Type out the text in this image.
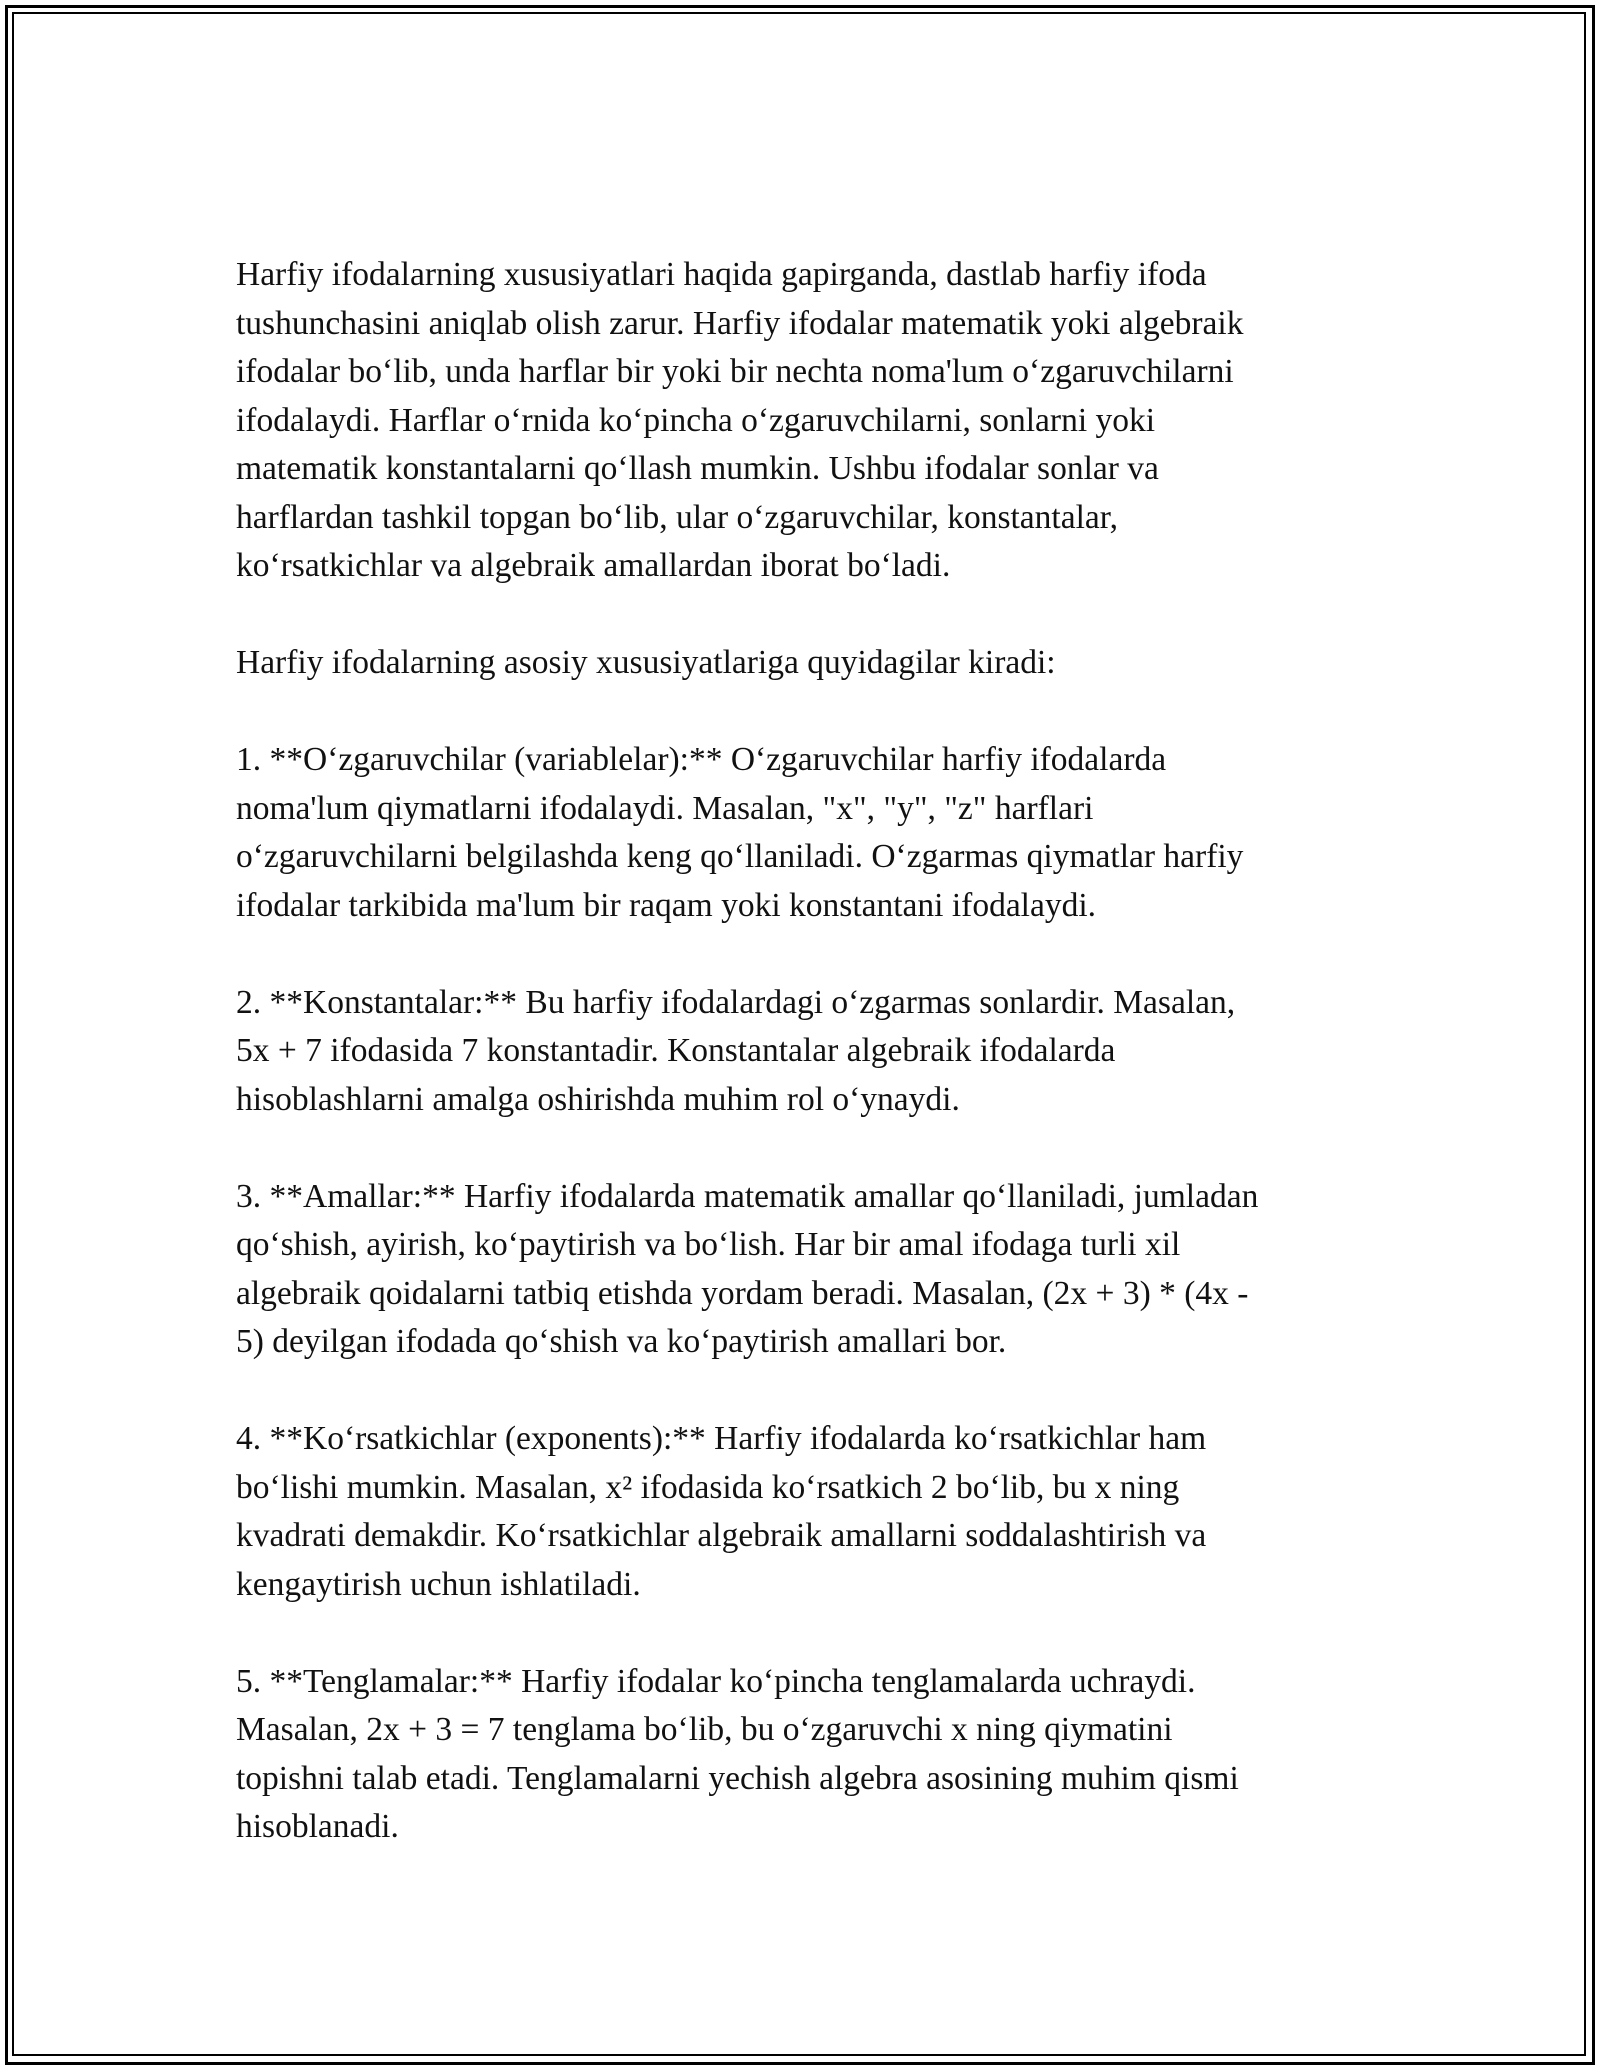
Harfiy ifodalarning xususiyatlari haqida gapirganda, dastlab harfiy ifoda
tushunchasini aniqlab olish zarur. Harfiy ifodalar matematik yoki algebraik
ifodalar bo‘lib, unda harflar bir yoki bir nechta noma'lum o‘zgaruvchilarni
ifodalaydi. Harflar o‘rnida ko‘pincha o‘zgaruvchilarni, sonlarni yoki
matematik konstantalarni qo‘llash mumkin. Ushbu ifodalar sonlar va
harflardan tashkil topgan bo‘lib, ular o‘zgaruvchilar, konstantalar,
ko‘rsatkichlar va algebraik amallardan iborat bo‘ladi.

Harfiy ifodalarning asosiy xususiyatlariga quyidagilar kiradi:

1. **O‘zgaruvchilar (variablelar):** O‘zgaruvchilar harfiy ifodalarda
noma'lum qiymatlarni ifodalaydi. Masalan, "x", "y", "z" harflari
o‘zgaruvchilarni belgilashda keng qo‘llaniladi. O‘zgarmas qiymatlar harfiy
ifodalar tarkibida ma'lum bir raqam yoki konstantani ifodalaydi.

2. **Konstantalar:** Bu harfiy ifodalardagi o‘zgarmas sonlardir. Masalan,
5x + 7 ifodasida 7 konstantadir. Konstantalar algebraik ifodalarda
hisoblashlarni amalga oshirishda muhim rol o‘ynaydi.

3. **Amallar:** Harfiy ifodalarda matematik amallar qo‘llaniladi, jumladan
qo‘shish, ayirish, ko‘paytirish va bo‘lish. Har bir amal ifodaga turli xil
algebraik qoidalarni tatbiq etishda yordam beradi. Masalan, (2x + 3) * (4x -
5) deyilgan ifodada qo‘shish va ko‘paytirish amallari bor.

4. **Ko‘rsatkichlar (exponents):** Harfiy ifodalarda ko‘rsatkichlar ham
bo‘lishi mumkin. Masalan, x² ifodasida ko‘rsatkich 2 bo‘lib, bu x ning
kvadrati demakdir. Ko‘rsatkichlar algebraik amallarni soddalashtirish va
kengaytirish uchun ishlatiladi.

5. **Tenglamalar:** Harfiy ifodalar ko‘pincha tenglamalarda uchraydi.
Masalan, 2x + 3 = 7 tenglama bo‘lib, bu o‘zgaruvchi x ning qiymatini
topishni talab etadi. Tenglamalarni yechish algebra asosining muhim qismi
hisoblanadi.
